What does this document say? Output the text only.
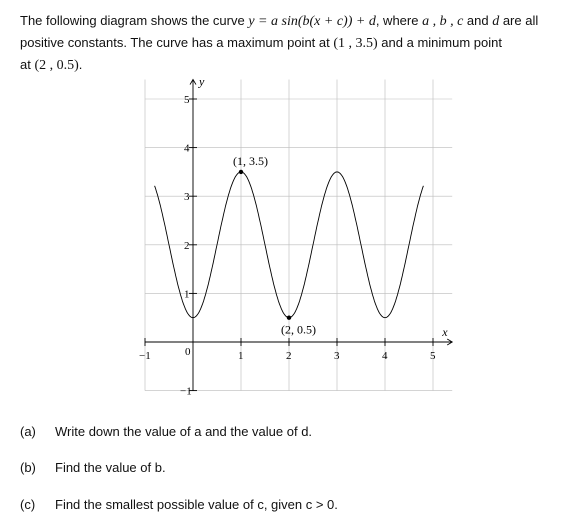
The following diagram shows the curve y = a sin(b(x + c)) + d, where a , b , c and d are all
positive constants. The curve has a maximum point at (1 , 3.5) and a minimum point
at (2 , 0.5).
−1	1	2	3	4	5
5
4
3
2
1
−1
(1, 3.5)
(2, 0.5)
y
x
0
(a) Write down the value of a and the value of d.
(b) Find the value of b.
(c) Find the smallest possible value of c, given c > 0.
